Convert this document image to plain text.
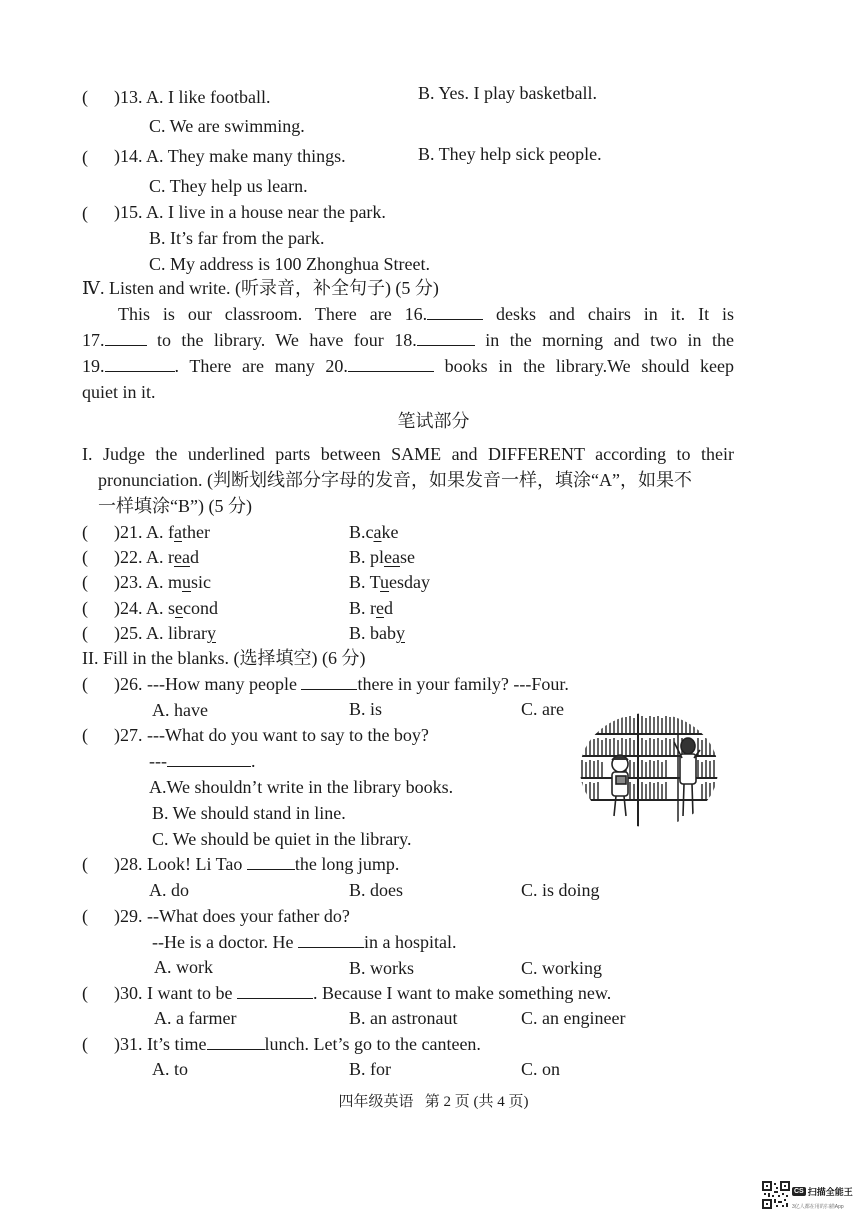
( )13. A. I like football.	B. Yes. I play basketball.
C. We are swimming.
( )14. A. They make many things.	B. They help sick people.
C. They help us learn.
( )15. A. I live in a house near the park.
B. It’s far from the park.
C. My address is 100 Zhonghua Street.
Ⅳ. Listen and write. (听录音，补全句子) (5 分)
This is our classroom. There are 16.	desks and chairs in it. It is
17.	to the library. We have four 18.	in the morning and two in the
19.	. There are many 20.	books in the library.We should keep
quiet in it.
笔试部分
I. Judge the underlined parts between SAME and DIFFERENT according to their
pronunciation. (判断划线部分字母的发音，如果发音一样，填涂“A”，如果不
一样填涂“B”) (5 分)
( )21. A. father	B.cake
( )22. A. read	B. please
( )23. A. music	B. Tuesday
( )24. A. second	B. red
( )25. A. library	B. baby
II. Fill in the blanks. (选择填空) (6 分)
( )26. ---How many people	there in your family? ---Four.
A. have	B. is	C. are
( )27. ---What do you want to say to the boy?
---	.
A.We shouldn’t write in the library books.
B. We should stand in line.
C. We should be quiet in the library.
( )28. Look! Li Tao	the long jump.
A. do	B. does	C. is doing
( )29. --What does your father do?
--He is a doctor. He	in a hospital.
A. work	B. works	C. working
( )30. I want to be	. Because I want to make something new.
A. a farmer	B. an astronaut	C. an engineer
( )31. It’s time	lunch. Let’s go to the canteen.
A. to	B. for	C. on
四年级英语   第 2 页 (共 4 页)
CS 扫描全能王
3亿人都在用的扫描App
